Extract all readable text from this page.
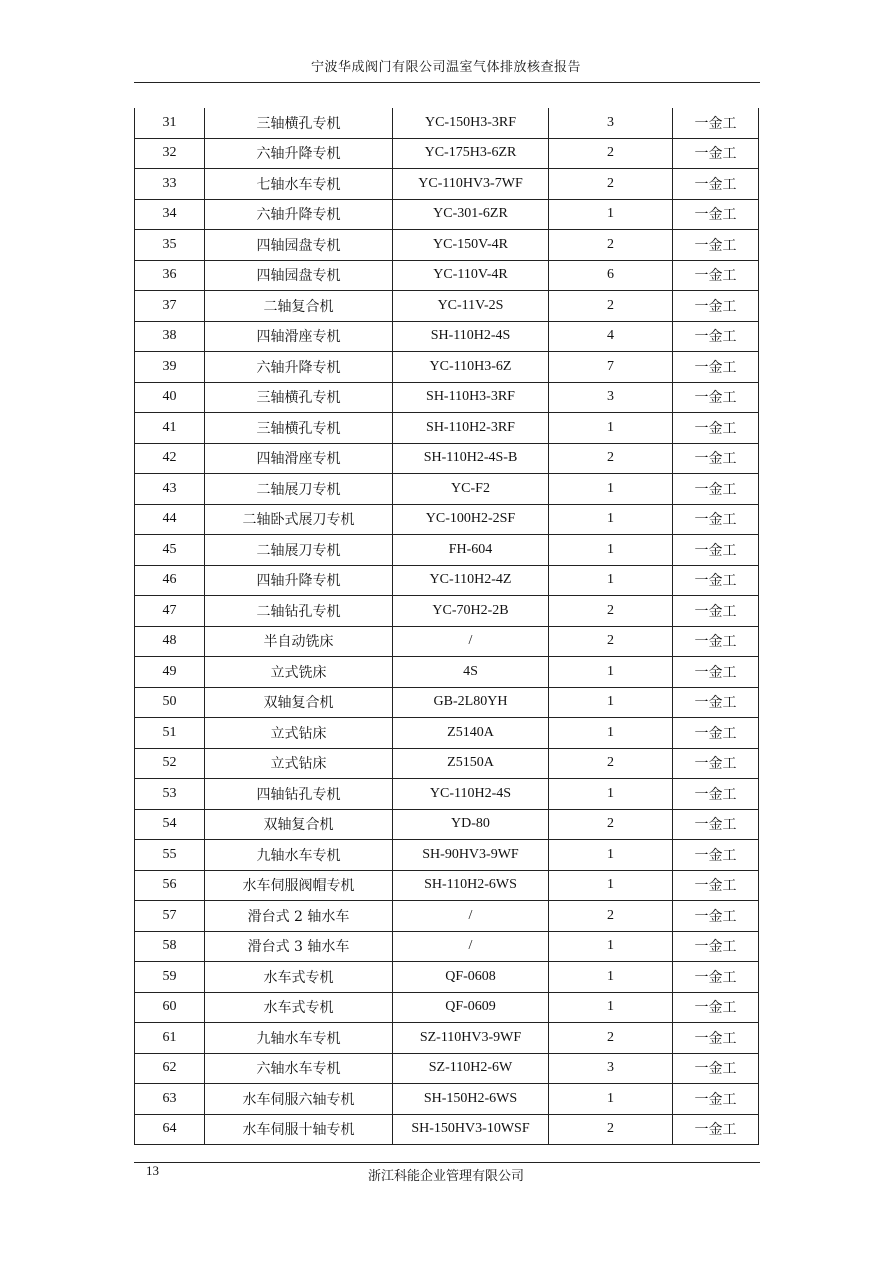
宁波华成阀门有限公司温室气体排放核查报告
31	三轴横孔专机	YC-150H3-3RF	3	一金工
32	六轴升降专机	YC-175H3-6ZR	2	一金工
33	七轴水车专机	YC-110HV3-7WF	2	一金工
34	六轴升降专机	YC-301-6ZR	1	一金工
35	四轴园盘专机	YC-150V-4R	2	一金工
36	四轴园盘专机	YC-110V-4R	6	一金工
37	二轴复合机	YC-11V-2S	2	一金工
38	四轴滑座专机	SH-110H2-4S	4	一金工
39	六轴升降专机	YC-110H3-6Z	7	一金工
40	三轴横孔专机	SH-110H3-3RF	3	一金工
41	三轴横孔专机	SH-110H2-3RF	1	一金工
42	四轴滑座专机	SH-110H2-4S-B	2	一金工
43	二轴展刀专机	YC-F2	1	一金工
44	二轴卧式展刀专机	YC-100H2-2SF	1	一金工
45	二轴展刀专机	FH-604	1	一金工
46	四轴升降专机	YC-110H2-4Z	1	一金工
47	二轴钻孔专机	YC-70H2-2B	2	一金工
48	半自动铣床	/	2	一金工
49	立式铣床	4S	1	一金工
50	双轴复合机	GB-2L80YH	1	一金工
51	立式钻床	Z5140A	1	一金工
52	立式钻床	Z5150A	2	一金工
53	四轴钻孔专机	YC-110H2-4S	1	一金工
54	双轴复合机	YD-80	2	一金工
55	九轴水车专机	SH-90HV3-9WF	1	一金工
56	水车伺服阀帽专机	SH-110H2-6WS	1	一金工
57	滑台式 2 轴水车	/	2	一金工
58	滑台式 3 轴水车	/	1	一金工
59	水车式专机	QF-0608	1	一金工
60	水车式专机	QF-0609	1	一金工
61	九轴水车专机	SZ-110HV3-9WF	2	一金工
62	六轴水车专机	SZ-110H2-6W	3	一金工
63	水车伺服六轴专机	SH-150H2-6WS	1	一金工
64	水车伺服十轴专机	SH-150HV3-10WSF	2	一金工
13	浙江科能企业管理有限公司
